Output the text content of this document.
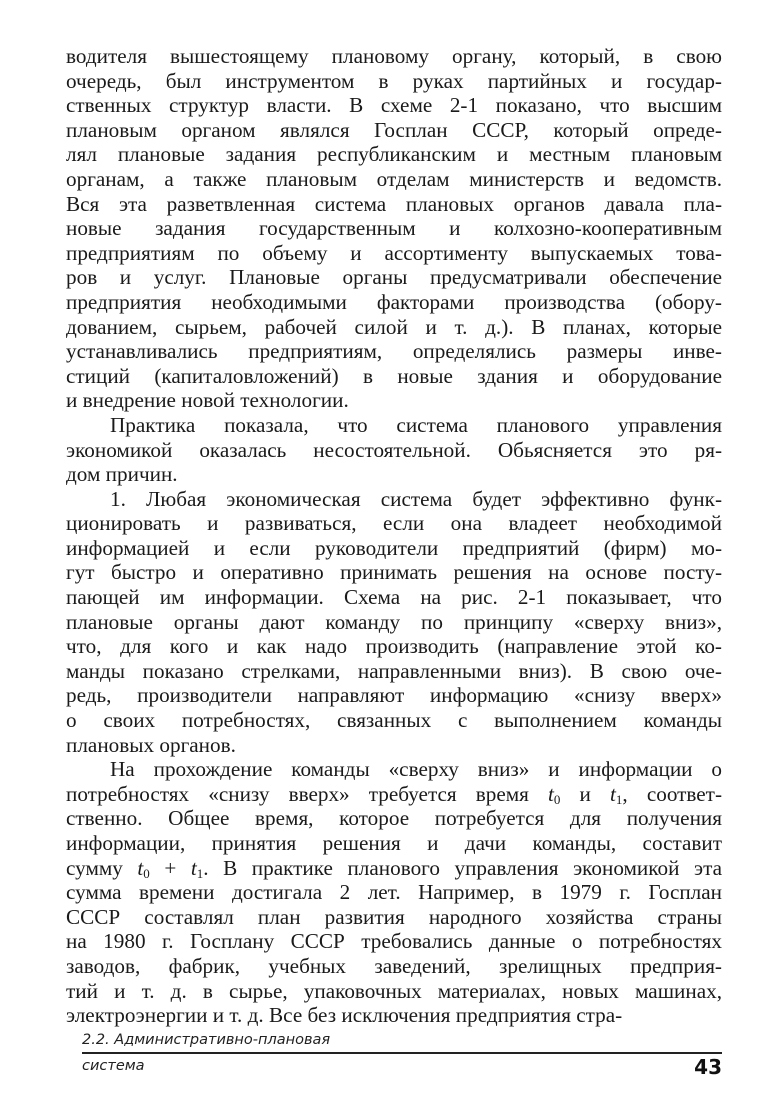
водителя вышестоящему плановому органу, который, в свою
очередь, был инструментом в руках партийных и государ-
ственных структур власти. В схеме 2-1 показано, что высшим
плановым органом являлся Госплан СССР, который опреде-
лял плановые задания республиканским и местным плановым
органам, а также плановым отделам министерств и ведомств.
Вся эта разветвленная система плановых органов давала пла-
новые задания государственным и колхозно-кооперативным
предприятиям по объему и ассортименту выпускаемых това-
ров и услуг. Плановые органы предусматривали обеспечение
предприятия необходимыми факторами производства (обору-
дованием, сырьем, рабочей силой и т. д.). В планах, которые
устанавливались предприятиям, определялись размеры инве-
стиций (капиталовложений) в новые здания и оборудование
и внедрение новой технологии.
Практика показала, что система планового управления
экономикой оказалась несостоятельной. Обьясняется это ря-
дом причин.
1. Любая экономическая система будет эффективно функ-
ционировать и развиваться, если она владеет необходимой
информацией и если руководители предприятий (фирм) мо-
гут быстро и оперативно принимать решения на основе посту-
пающей им информации. Схема на рис. 2-1 показывает, что
плановые органы дают команду по принципу «сверху вниз»,
что, для кого и как надо производить (направление этой ко-
манды показано стрелками, направленными вниз). В свою оче-
редь, производители направляют информацию «снизу вверх»
о своих потребностях, связанных с выполнением команды
плановых органов.
На прохождение команды «сверху вниз» и информации о
потребностях «снизу вверх» требуется время $t_0$ и $t_1$, соответ-
ственно. Общее время, которое потребуется для получения
информации, принятия решения и дачи команды, составит
сумму $t_0 + t_1$. В практике планового управления экономикой эта
сумма времени достигала 2 лет. Например, в 1979 г. Госплан
СССР составлял план развития народного хозяйства страны
на 1980 г. Госплану СССР требовались данные о потребностях
заводов, фабрик, учебных заведений, зрелищных предприя-
тий и т. д. в сырье, упаковочных материалах, новых машинах,
электроэнергии и т. д. Все без исключения предприятия стра-
2.2. Административно-плановая
система	43
